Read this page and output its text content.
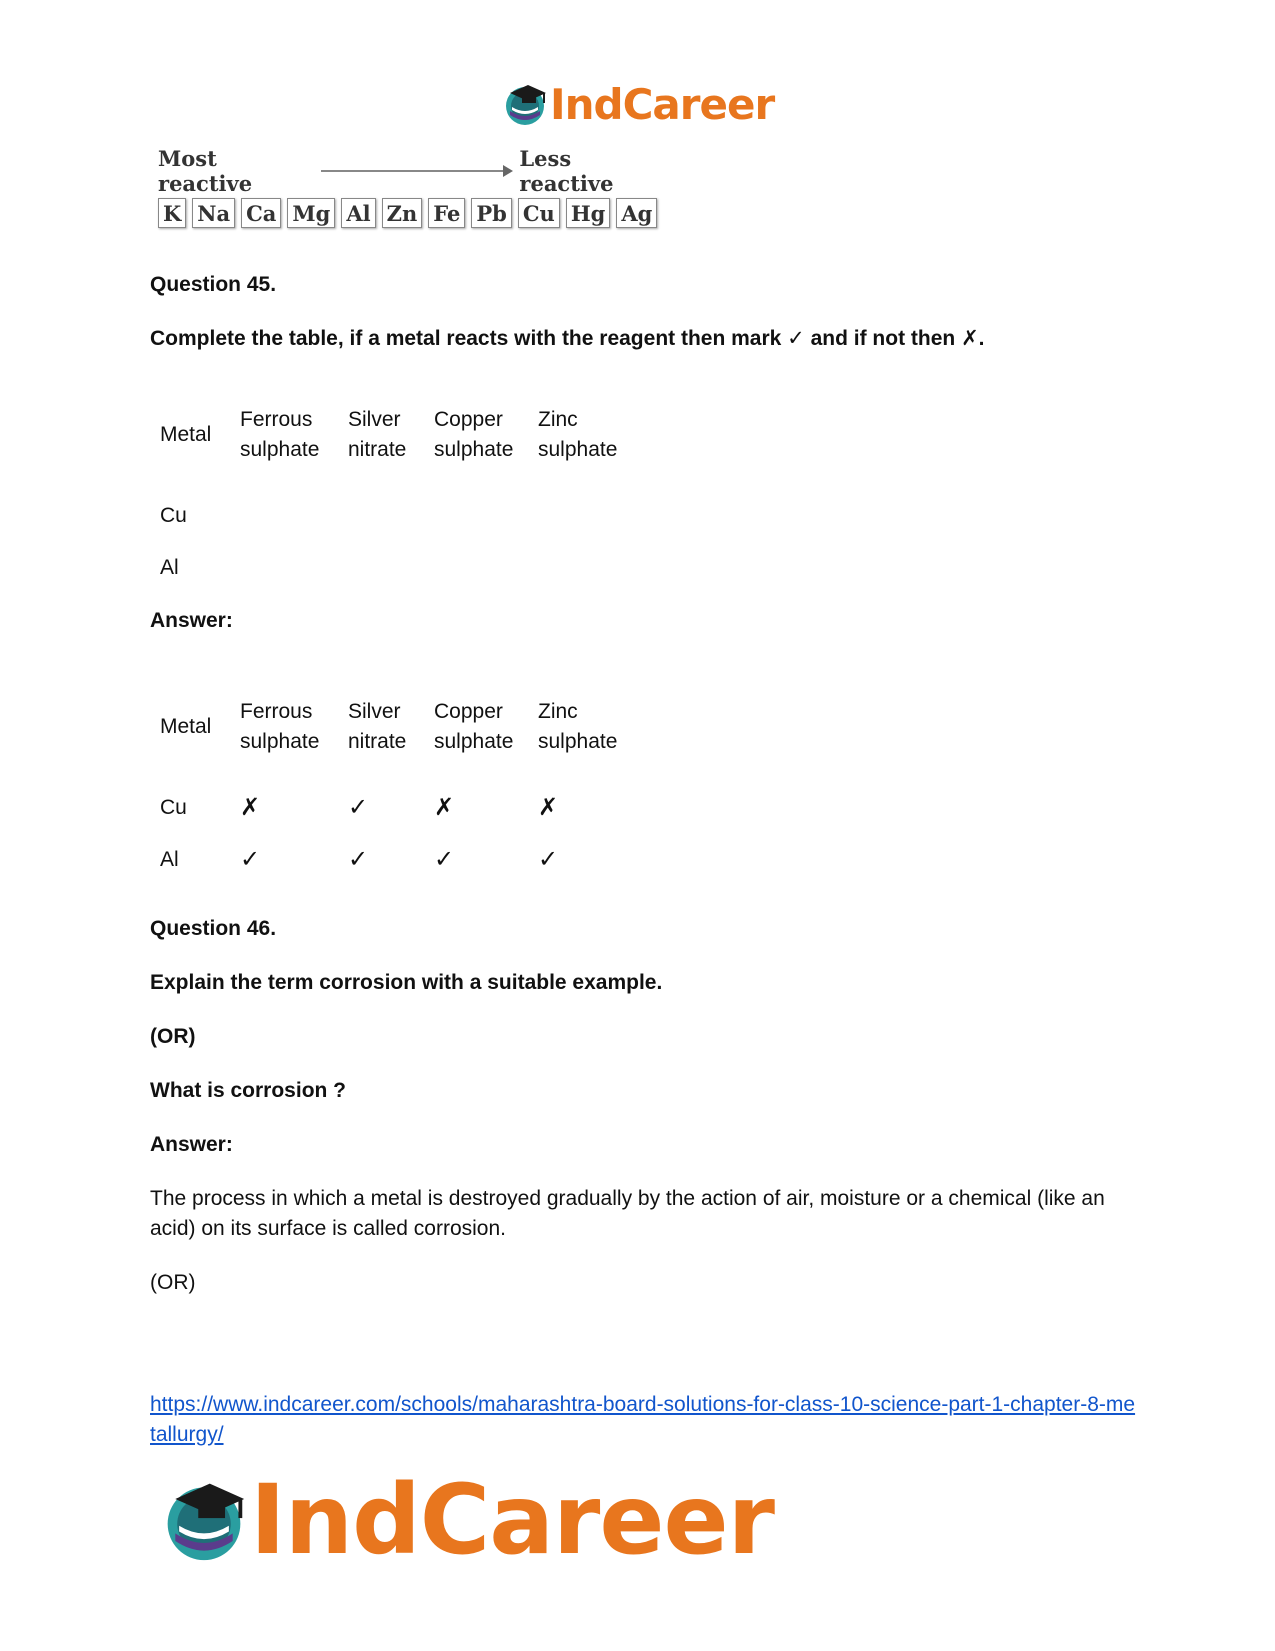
IndCareer
Most reactive
Less reactive
K Na Ca Mg Al Zn Fe Pb Cu Hg Ag
Question 45.
Complete the table, if a metal reacts with the reagent then mark ✓ and if not then ✗.
Metal	Ferrous sulphate	Silver nitrate	Copper sulphate	Zinc sulphate
Cu				
Al				
Answer:
Metal	Ferrous sulphate	Silver nitrate	Copper sulphate	Zinc sulphate
Cu	✗	✓	✗	✗
Al	✓	✓	✓	✓
Question 46.
Explain the term corrosion with a suitable example.
(OR)
What is corrosion ?
Answer:
The process in which a metal is destroyed gradually by the action of air, moisture or a chemical (like an acid) on its surface is called corrosion.
(OR)
https://www.indcareer.com/schools/maharashtra-board-solutions-for-class-10-science-part-1-chapter-8-metallurgy/
IndCareer
